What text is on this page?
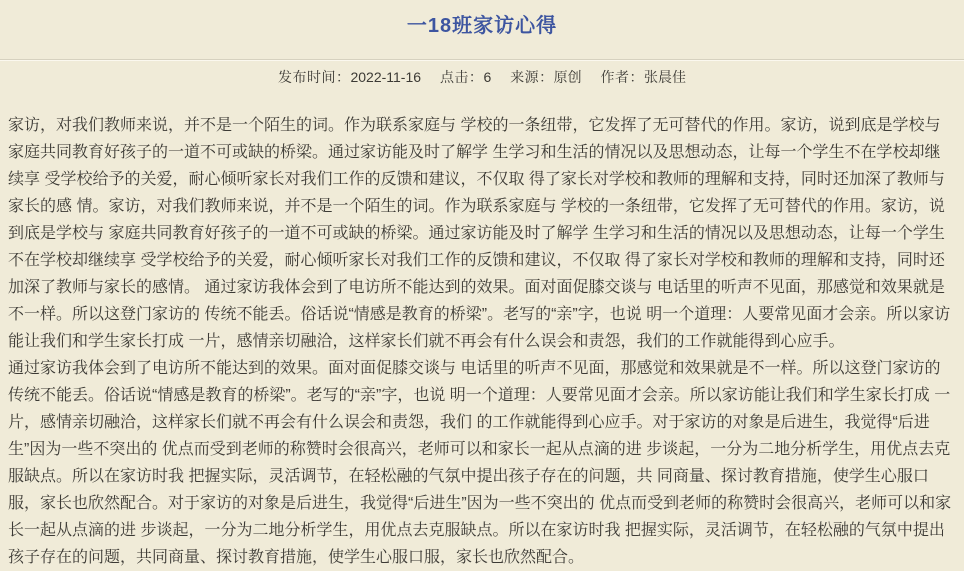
一18班家访心得
发布时间：2022-11-16 点击：6 来源：原创 作者：张晨佳

家访，对我们教师来说，并不是一个陌生的词。作为联系家庭与 学校的一条纽带，它发挥了无可替代的作用。家访，说到底是学校与 家庭共同教育好孩子的一道不可或缺的桥梁。通过家访能及时了解学 生学习和生活的情况以及思想动态，让每一个学生不在学校却继续享 受学校给予的关爱，耐心倾听家长对我们工作的反馈和建议，不仅取 得了家长对学校和教师的理解和支持，同时还加深了教师与家长的感 情。家访，对我们教师来说，并不是一个陌生的词。作为联系家庭与 学校的一条纽带，它发挥了无可替代的作用。家访，说到底是学校与 家庭共同教育好孩子的一道不可或缺的桥梁。通过家访能及时了解学 生学习和生活的情况以及思想动态，让每一个学生不在学校却继续享 受学校给予的关爱，耐心倾听家长对我们工作的反馈和建议，不仅取 得了家长对学校和教师的理解和支持，同时还加深了教师与家长的感情。 通过家访我体会到了电访所不能达到的效果。面对面促膝交谈与 电话里的听声不见面，那感觉和效果就是不一样。所以这登门家访的 传统不能丢。俗话说“情感是教育的桥梁”。老写的“亲”字，也说 明一个道理：人要常见面才会亲。所以家访能让我们和学生家长打成 一片，感情亲切融洽，这样家长们就不再会有什么误会和责怨，我们的工作就能得到心应手。

通过家访我体会到了电访所不能达到的效果。面对面促膝交谈与 电话里的听声不见面，那感觉和效果就是不一样。所以这登门家访的 传统不能丢。俗话说“情感是教育的桥梁”。老写的“亲”字，也说 明一个道理：人要常见面才会亲。所以家访能让我们和学生家长打成 一片，感情亲切融洽，这样家长们就不再会有什么误会和责怨，我们 的工作就能得到心应手。对于家访的对象是后进生，我觉得“后进生”因为一些不突出的 优点而受到老师的称赞时会很高兴，老师可以和家长一起从点滴的进 步谈起，一分为二地分析学生，用优点去克服缺点。所以在家访时我 把握实际，灵活调节，在轻松融的气氛中提出孩子存在的问题，共 同商量、探讨教育措施，使学生心服口服，家长也欣然配合。对于家访的对象是后进生，我觉得“后进生”因为一些不突出的 优点而受到老师的称赞时会很高兴，老师可以和家长一起从点滴的进 步谈起，一分为二地分析学生，用优点去克服缺点。所以在家访时我 把握实际，灵活调节，在轻松融的气氛中提出孩子存在的问题，共同商量、探讨教育措施，使学生心服口服，家长也欣然配合。
